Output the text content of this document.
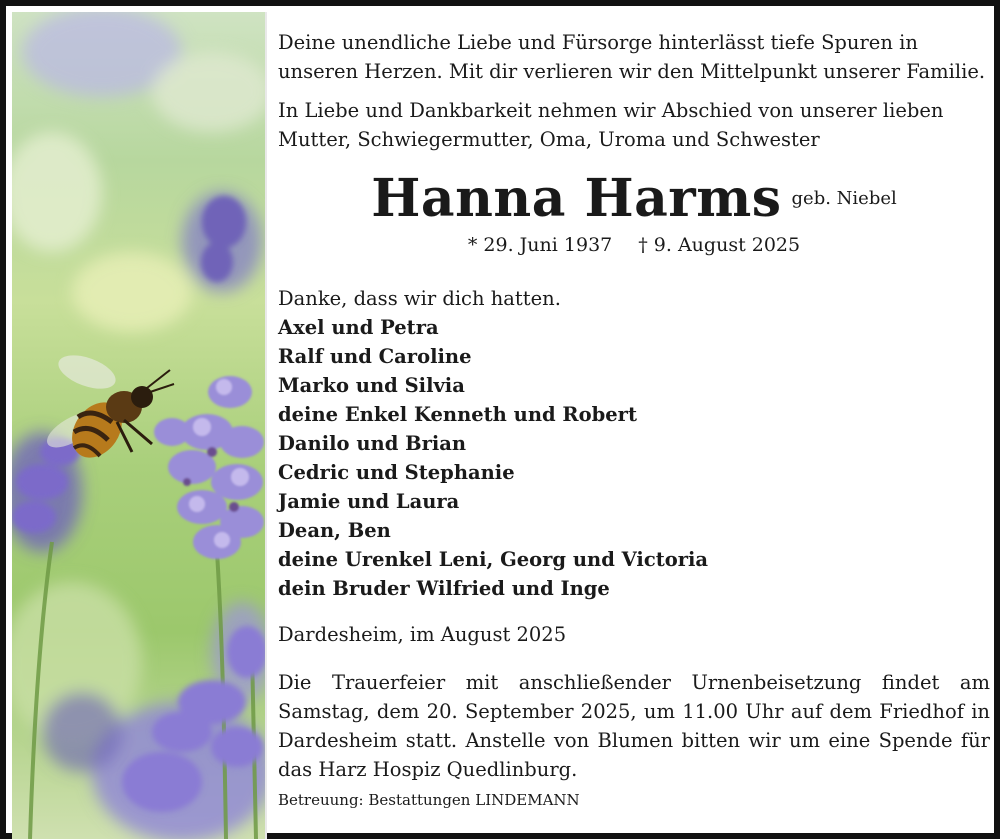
Deine unendliche Liebe und Fürsorge hinterlässt tiefe Spuren in unseren Herzen. Mit dir verlieren wir den Mittelpunkt unserer Familie.

In Liebe und Dankbarkeit nehmen wir Abschied von unserer lieben Mutter, Schwiegermutter, Oma, Uroma und Schwester

Hanna Harms geb. Niebel
* 29. Juni 1937 † 9. August 2025
Danke, dass wir dich hatten.
Axel und Petra
Ralf und Caroline
Marko und Silvia
deine Enkel Kenneth und Robert
Danilo und Brian
Cedric und Stephanie
Jamie und Laura
Dean, Ben
deine Urenkel Leni, Georg und Victoria
dein Bruder Wilfried und Inge
Dardesheim, im August 2025
Die Trauerfeier mit anschließender Urnenbeisetzung findet am Samstag, dem 20. September 2025, um 11.00 Uhr auf dem Friedhof in Dardesheim statt. Anstelle von Blumen bitten wir um eine Spende für das Harz Hospiz Quedlinburg.
Betreuung: Bestattungen LINDEMANN
